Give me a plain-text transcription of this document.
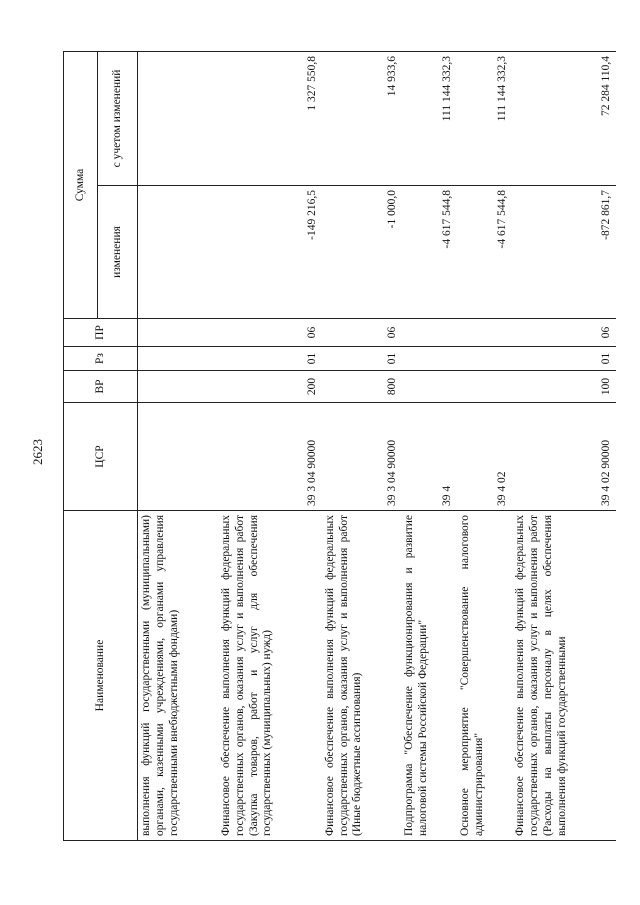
2623
Наименование	ЦСР	ВР	Рз	ПР	Сумма	
					изменения	с учетом изменений
выполнения функций государственными (муниципальными) органами, казенными учреждениями, органами управления государственными внебюджетными фондами)						
Финансовое обеспечение выполнения функций федеральных государственных органов, оказания услуг и выполнения работ (Закупка товаров, работ и услуг для обеспечения государственных (муниципальных) нужд)	39 3 04 90000	200	01	06	-149 216,5	1 327 550,8
Финансовое обеспечение выполнения функций федеральных государственных органов, оказания услуг и выполнения работ (Иные бюджетные ассигнования)	39 3 04 90000	800	01	06	-1 000,0	14 933,6
Подпрограмма "Обеспечение функционирования и развитие налоговой системы Российской Федерации"	39 4				-4 617 544,8	111 144 332,3
Основное мероприятие "Совершенствование налогового администрирования"	39 4 02				-4 617 544,8	111 144 332,3
Финансовое обеспечение выполнения функций федеральных государственных органов, оказания услуг и выполнения работ (Расходы на выплаты персоналу в целях обеспечения выполнения функций государственными	39 4 02 90000	100	01	06	-872 861,7	72 284 110,4
